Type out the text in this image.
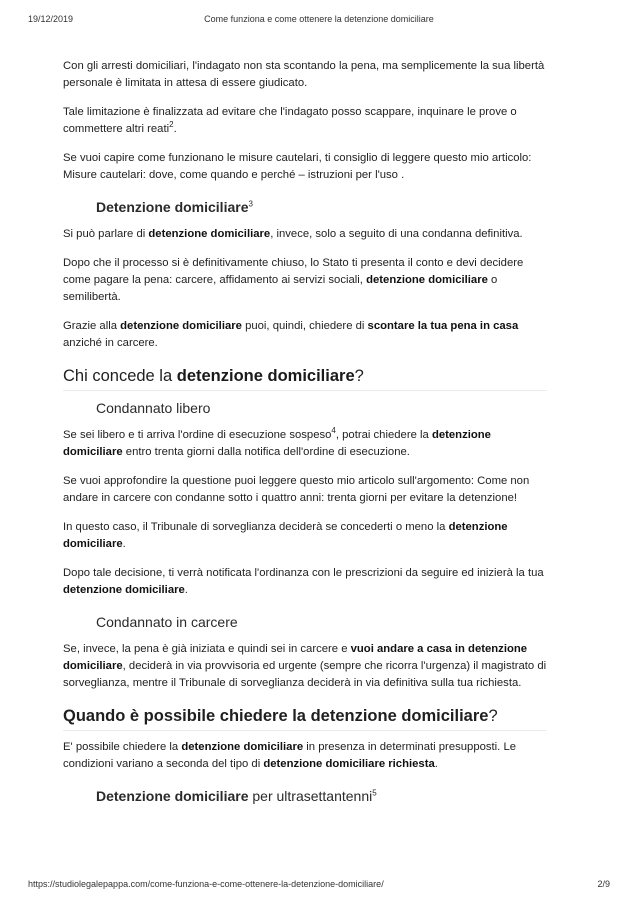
19/12/2019	Come funziona e come ottenere la detenzione domiciliare

Con gli arresti domiciliari, l'indagato non sta scontando la pena, ma semplicemente la sua libertà personale è limitata in attesa di essere giudicato.

Tale limitazione è finalizzata ad evitare che l'indagato posso scappare, inquinare le prove o commettere altri reati$^2$.

Se vuoi capire come funzionano le misure cautelari, ti consiglio di leggere questo mio articolo: Misure cautelari: dove, come quando e perché – istruzioni per l'uso .

Detenzione domiciliare$^3$

Si può parlare di detenzione domiciliare, invece, solo a seguito di una condanna definitiva.

Dopo che il processo si è definitivamente chiuso, lo Stato ti presenta il conto e devi decidere come pagare la pena: carcere, affidamento ai servizi sociali, detenzione domiciliare o semilibertà.

Grazie alla detenzione domiciliare puoi, quindi, chiedere di scontare la tua pena in casa anziché in carcere.

Chi concede la detenzione domiciliare?
Condannato libero

Se sei libero e ti arriva l'ordine di esecuzione sospeso$^4$, potrai chiedere la detenzione domiciliare entro trenta giorni dalla notifica dell'ordine di esecuzione.

Se vuoi approfondire la questione puoi leggere questo mio articolo sull'argomento: Come non andare in carcere con condanne sotto i quattro anni: trenta giorni per evitare la detenzione!

In questo caso, il Tribunale di sorveglianza deciderà se concederti o meno la detenzione domiciliare.

Dopo tale decisione, ti verrà notificata l'ordinanza con le prescrizioni da seguire ed inizierà la tua detenzione domiciliare.

Condannato in carcere

Se, invece, la pena è già iniziata e quindi sei in carcere e vuoi andare a casa in detenzione domiciliare, deciderà in via provvisoria ed urgente (sempre che ricorra l'urgenza) il magistrato di sorveglianza, mentre il Tribunale di sorveglianza deciderà in via definitiva sulla tua richiesta.

Quando è possibile chiedere la detenzione domiciliare?

E' possibile chiedere la detenzione domiciliare in presenza in determinati presupposti. Le condizioni variano a seconda del tipo di detenzione domiciliare richiesta.

Detenzione domiciliare per ultrasettantenni$^5$
https://studiolegalepappa.com/come-funziona-e-come-ottenere-la-detenzione-domiciliare/	2/9
